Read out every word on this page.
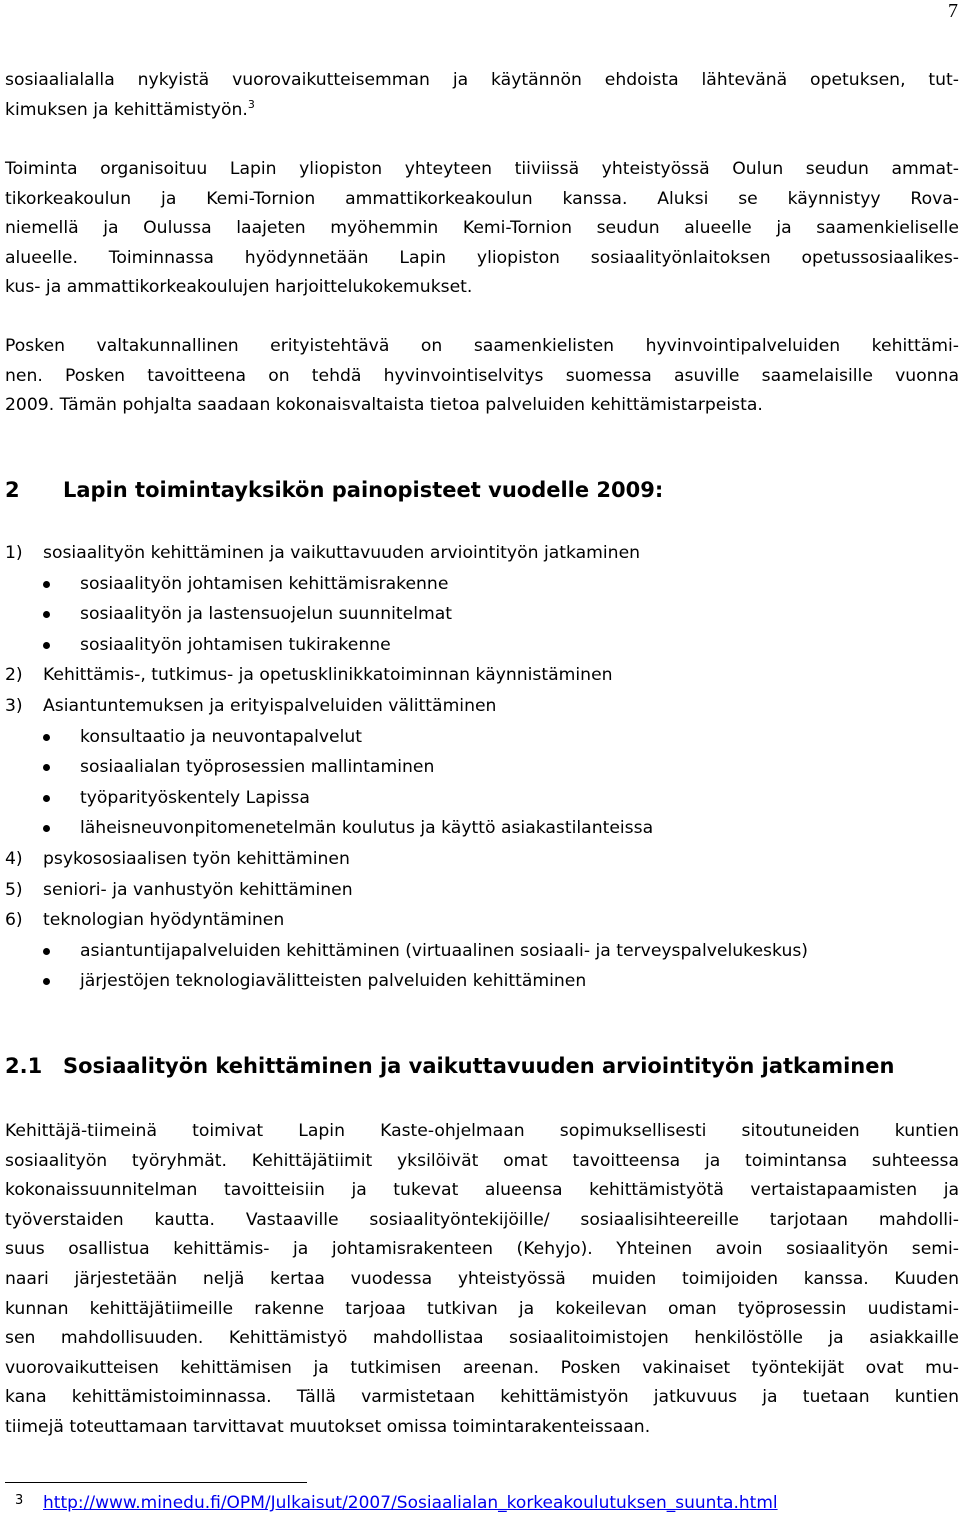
7
sosiaalialalla nykyistä vuorovaikutteisemman ja käytännön ehdoista lähtevänä opetuksen, tut-
kimuksen ja kehittämistyön.$^3$
Toiminta organisoituu Lapin yliopiston yhteyteen tiiviissä yhteistyössä Oulun seudun ammat-
tikorkeakoulun ja Kemi-Tornion ammattikorkeakoulun kanssa. Aluksi se käynnistyy Rova-
niemellä ja Oulussa laajeten myöhemmin Kemi-Tornion seudun alueelle ja saamenkieliselle
alueelle. Toiminnassa hyödynnetään Lapin yliopiston sosiaalityönlaitoksen opetussosiaalikes-
kus- ja ammattikorkeakoulujen harjoittelukokemukset.
Posken valtakunnallinen erityistehtävä on saamenkielisten hyvinvointipalveluiden kehittämi-
nen. Posken tavoitteena on tehdä hyvinvointiselvitys suomessa asuville saamelaisille vuonna
2009. Tämän pohjalta saadaan kokonaisvaltaista tietoa palveluiden kehittämistarpeista.
2 Lapin toimintayksikön painopisteet vuodelle 2009:
1) sosiaalityön kehittäminen ja vaikuttavuuden arviointityön jatkaminen
sosiaalityön johtamisen kehittämisrakenne
sosiaalityön ja lastensuojelun suunnitelmat
sosiaalityön johtamisen tukirakenne
2) Kehittämis-, tutkimus- ja opetusklinikkatoiminnan käynnistäminen
3) Asiantuntemuksen ja erityispalveluiden välittäminen
konsultaatio ja neuvontapalvelut
sosiaalialan työprosessien mallintaminen
työparityöskentely Lapissa
läheisneuvonpitomenetelmän koulutus ja käyttö asiakastilanteissa
4) psykososiaalisen työn kehittäminen
5) seniori- ja vanhustyön kehittäminen
6) teknologian hyödyntäminen
asiantuntijapalveluiden kehittäminen (virtuaalinen sosiaali- ja terveyspalvelukeskus)
järjestöjen teknologiavälitteisten palveluiden kehittäminen
2.1 Sosiaalityön kehittäminen ja vaikuttavuuden arviointityön jatkaminen
Kehittäjä-tiimeinä toimivat Lapin Kaste-ohjelmaan sopimuksellisesti sitoutuneiden kuntien
sosiaalityön työryhmät. Kehittäjätiimit yksilöivät omat tavoitteensa ja toimintansa suhteessa
kokonaissuunnitelman tavoitteisiin ja tukevat alueensa kehittämistyötä vertaistapaamisten ja
työverstaiden kautta. Vastaaville sosiaalityöntekijöille/ sosiaalisihteereille tarjotaan mahdolli-
suus osallistua kehittämis- ja johtamisrakenteen (Kehyjo). Yhteinen avoin sosiaalityön semi-
naari järjestetään neljä kertaa vuodessa yhteistyössä muiden toimijoiden kanssa. Kuuden
kunnan kehittäjätiimeille rakenne tarjoaa tutkivan ja kokeilevan oman työprosessin uudistami-
sen mahdollisuuden. Kehittämistyö mahdollistaa sosiaalitoimistojen henkilöstölle ja asiakkaille
vuorovaikutteisen kehittämisen ja tutkimisen areenan. Posken vakinaiset työntekijät ovat mu-
kana kehittämistoiminnassa. Tällä varmistetaan kehittämistyön jatkuvuus ja tuetaan kuntien
tiimejä toteuttamaan tarvittavat muutokset omissa toimintarakenteissaan.
3 http://www.minedu.fi/OPM/Julkaisut/2007/Sosiaalialan_korkeakoulutuksen_suunta.html
